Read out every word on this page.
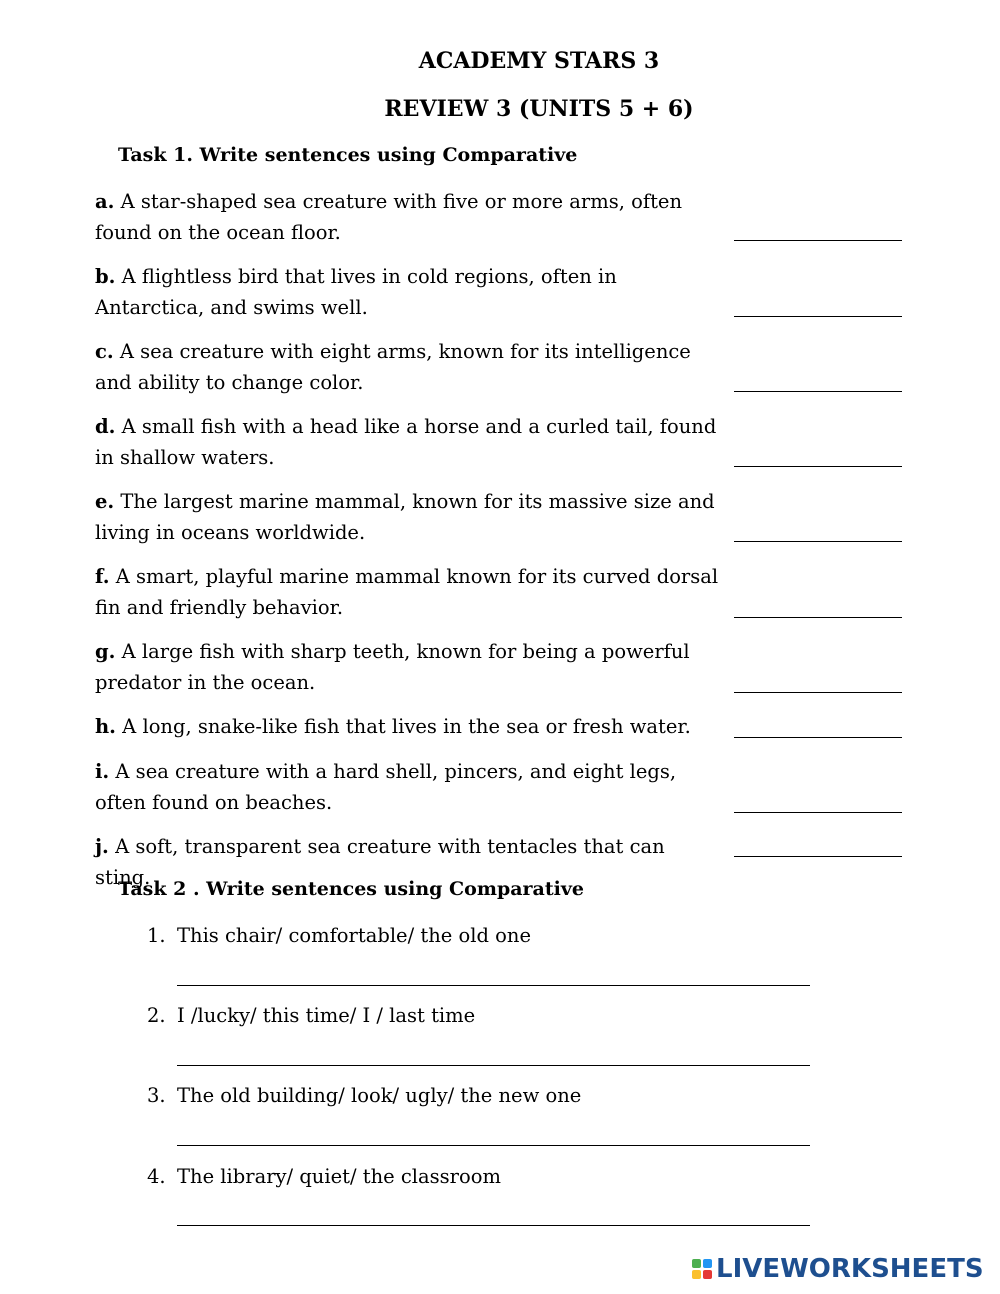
ACADEMY STARS 3
REVIEW 3 (UNITS 5 + 6)
Task 1. Write sentences using Comparative
a. A star-shaped sea creature with five or more arms, often found on the ocean floor.
b. A flightless bird that lives in cold regions, often in Antarctica, and swims well.
c. A sea creature with eight arms, known for its intelligence and ability to change color.
d. A small fish with a head like a horse and a curled tail, found in shallow waters.
e. The largest marine mammal, known for its massive size and living in oceans worldwide.
f. A smart, playful marine mammal known for its curved dorsal fin and friendly behavior.
g. A large fish with sharp teeth, known for being a powerful predator in the ocean.
h. A long, snake-like fish that lives in the sea or fresh water.
i. A sea creature with a hard shell, pincers, and eight legs, often found on beaches.
j. A soft, transparent sea creature with tentacles that can sting.
Task 2 . Write sentences using Comparative
1. This chair/ comfortable/ the old one
2. I /lucky/ this time/ I / last time
3. The old building/ look/ ugly/ the new one
4. The library/ quiet/ the classroom
LIVEWORKSHEETS
